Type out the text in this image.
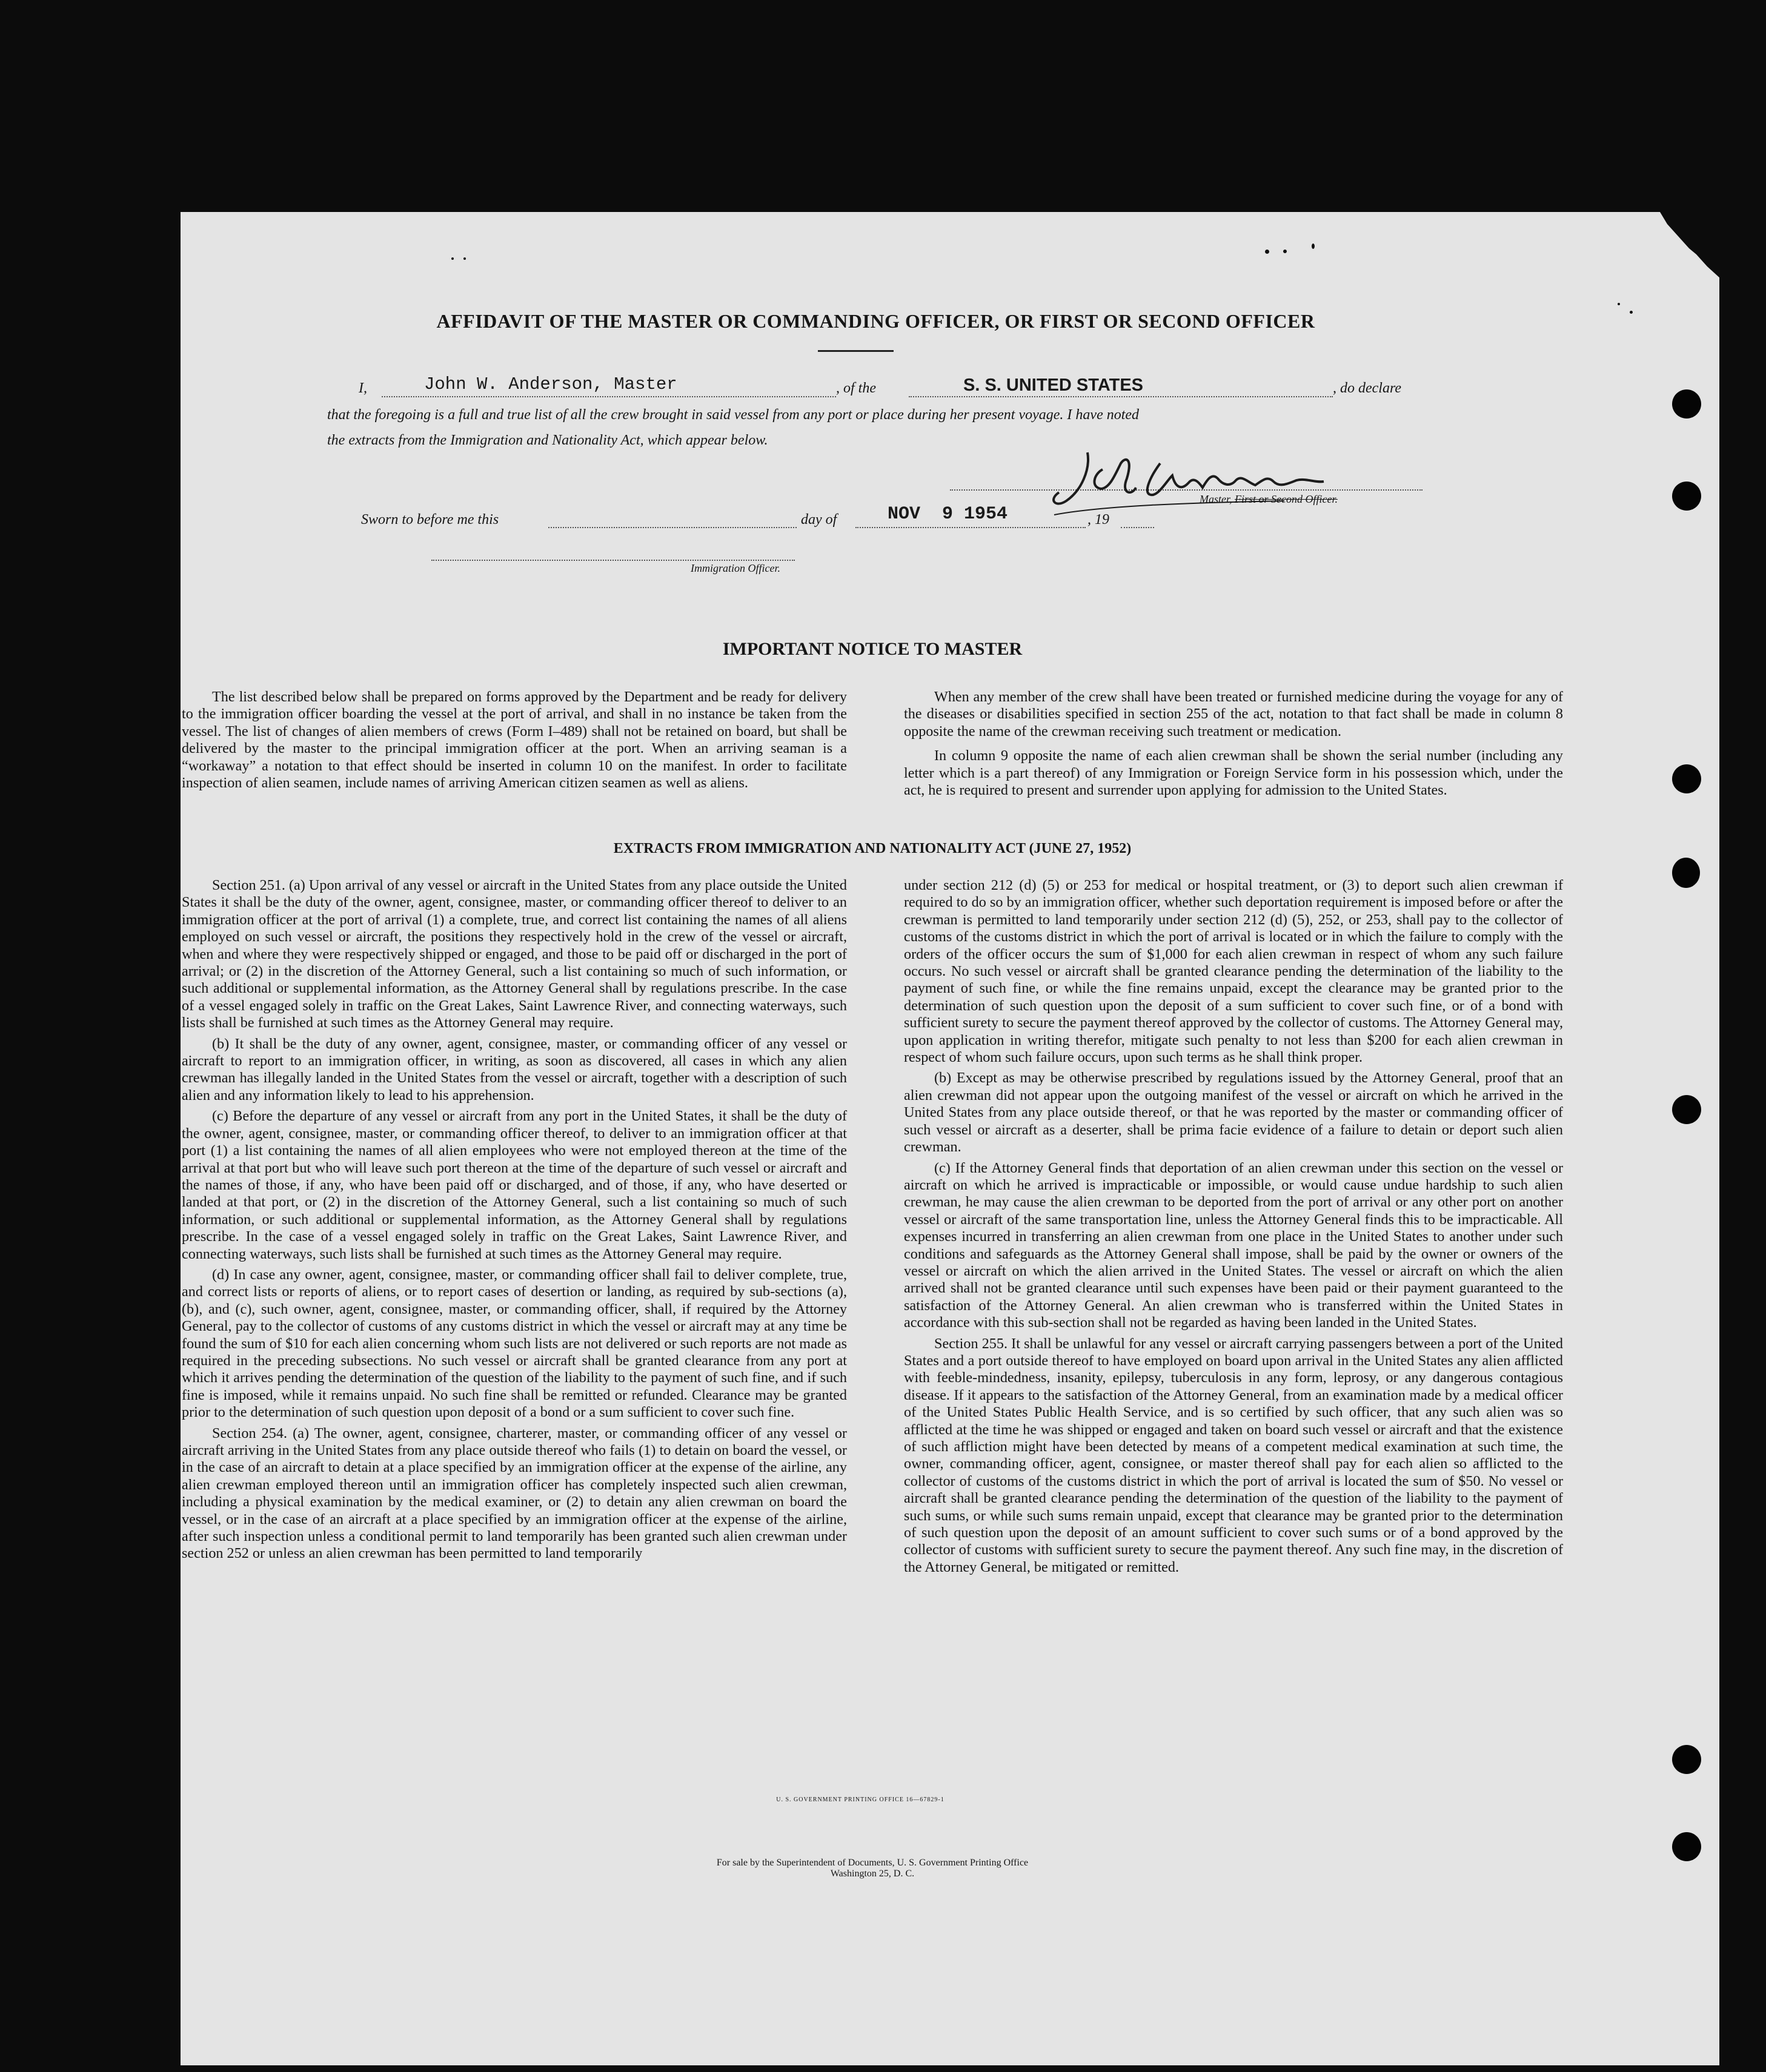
AFFIDAVIT OF THE MASTER OR COMMANDING OFFICER, OR FIRST OR SECOND OFFICER
I,	John W. Anderson, Master	, of the	S. S. UNITED STATES	, do declare
that the foregoing is a full and true list of all the crew brought in said vessel from any port or place during her present voyage. I have noted
the extracts from the Immigration and Nationality Act, which appear below.
Master, First or Second Officer.
Sworn to before me this	day of	NOV  9 1954	, 19
Immigration Officer.
IMPORTANT NOTICE TO MASTER

The list described below shall be prepared on forms approved by the Department and be ready for delivery to the immigration officer boarding the vessel at the port of arrival, and shall in no instance be taken from the vessel. The list of changes of alien members of crews (Form I–489) shall not be retained on board, but shall be delivered by the master to the principal immigration officer at the port. When an arriving seaman is a “workaway” a notation to that effect should be inserted in column 10 on the manifest. In order to facilitate inspection of alien seamen, include names of arriving American citizen seamen as well as aliens.

When any member of the crew shall have been treated or furnished medicine during the voyage for any of the diseases or disabilities specified in section 255 of the act, notation to that fact shall be made in column 8 opposite the name of the crewman receiving such treatment or medication.

In column 9 opposite the name of each alien crewman shall be shown the serial number (including any letter which is a part thereof) of any Immigration or Foreign Service form in his possession which, under the act, he is required to present and surrender upon applying for admission to the United States.

EXTRACTS FROM IMMIGRATION AND NATIONALITY ACT (JUNE 27, 1952)

Section 251. (a) Upon arrival of any vessel or aircraft in the United States from any place outside the United States it shall be the duty of the owner, agent, consignee, master, or commanding officer thereof to deliver to an immigration officer at the port of arrival (1) a complete, true, and correct list containing the names of all aliens employed on such vessel or aircraft, the positions they respectively hold in the crew of the vessel or aircraft, when and where they were respectively shipped or engaged, and those to be paid off or discharged in the port of arrival; or (2) in the discretion of the Attorney General, such a list containing so much of such information, or such additional or supplemental information, as the Attorney General shall by regulations prescribe. In the case of a vessel engaged solely in traffic on the Great Lakes, Saint Lawrence River, and connecting waterways, such lists shall be furnished at such times as the Attorney General may require.

(b) It shall be the duty of any owner, agent, consignee, master, or commanding officer of any vessel or aircraft to report to an immigration officer, in writing, as soon as discovered, all cases in which any alien crewman has illegally landed in the United States from the vessel or aircraft, together with a description of such alien and any information likely to lead to his apprehension.

(c) Before the departure of any vessel or aircraft from any port in the United States, it shall be the duty of the owner, agent, consignee, master, or commanding officer thereof, to deliver to an immigration officer at that port (1) a list containing the names of all alien employees who were not employed thereon at the time of the arrival at that port but who will leave such port thereon at the time of the departure of such vessel or aircraft and the names of those, if any, who have been paid off or discharged, and of those, if any, who have deserted or landed at that port, or (2) in the discretion of the Attorney General, such a list containing so much of such information, or such additional or supplemental information, as the Attorney General shall by regulations prescribe. In the case of a vessel engaged solely in traffic on the Great Lakes, Saint Lawrence River, and connecting waterways, such lists shall be furnished at such times as the Attorney General may require.

(d) In case any owner, agent, consignee, master, or commanding officer shall fail to deliver complete, true, and correct lists or reports of aliens, or to report cases of desertion or landing, as required by sub-sections (a), (b), and (c), such owner, agent, consignee, master, or commanding officer, shall, if required by the Attorney General, pay to the collector of customs of any customs district in which the vessel or aircraft may at any time be found the sum of $10 for each alien concerning whom such lists are not delivered or such reports are not made as required in the preceding subsections. No such vessel or aircraft shall be granted clearance from any port at which it arrives pending the determination of the question of the liability to the payment of such fine, and if such fine is imposed, while it remains unpaid. No such fine shall be remitted or refunded. Clearance may be granted prior to the determination of such question upon deposit of a bond or a sum sufficient to cover such fine.

Section 254. (a) The owner, agent, consignee, charterer, master, or commanding officer of any vessel or aircraft arriving in the United States from any place outside thereof who fails (1) to detain on board the vessel, or in the case of an aircraft to detain at a place specified by an immigration officer at the expense of the airline, any alien crewman employed thereon until an immigration officer has completely inspected such alien crewman, including a physical examination by the medical examiner, or (2) to detain any alien crewman on board the vessel, or in the case of an aircraft at a place specified by an immigration officer at the expense of the airline, after such inspection unless a conditional permit to land temporarily has been granted such alien crewman under section 252 or unless an alien crewman has been permitted to land temporarily

under section 212 (d) (5) or 253 for medical or hospital treatment, or (3) to deport such alien crewman if required to do so by an immigration officer, whether such deportation requirement is imposed before or after the crewman is permitted to land temporarily under section 212 (d) (5), 252, or 253, shall pay to the collector of customs of the customs district in which the port of arrival is located or in which the failure to comply with the orders of the officer occurs the sum of $1,000 for each alien crewman in respect of whom any such failure occurs. No such vessel or aircraft shall be granted clearance pending the determination of the liability to the payment of such fine, or while the fine remains unpaid, except the clearance may be granted prior to the determination of such question upon the deposit of a sum sufficient to cover such fine, or of a bond with sufficient surety to secure the payment thereof approved by the collector of customs. The Attorney General may, upon application in writing therefor, mitigate such penalty to not less than $200 for each alien crewman in respect of whom such failure occurs, upon such terms as he shall think proper.

(b) Except as may be otherwise prescribed by regulations issued by the Attorney General, proof that an alien crewman did not appear upon the outgoing manifest of the vessel or aircraft on which he arrived in the United States from any place outside thereof, or that he was reported by the master or commanding officer of such vessel or aircraft as a deserter, shall be prima facie evidence of a failure to detain or deport such alien crewman.

(c) If the Attorney General finds that deportation of an alien crewman under this section on the vessel or aircraft on which he arrived is impracticable or impossible, or would cause undue hardship to such alien crewman, he may cause the alien crewman to be deported from the port of arrival or any other port on another vessel or aircraft of the same transportation line, unless the Attorney General finds this to be impracticable. All expenses incurred in transferring an alien crewman from one place in the United States to another under such conditions and safeguards as the Attorney General shall impose, shall be paid by the owner or owners of the vessel or aircraft on which the alien arrived in the United States. The vessel or aircraft on which the alien arrived shall not be granted clearance until such expenses have been paid or their payment guaranteed to the satisfaction of the Attorney General. An alien crewman who is transferred within the United States in accordance with this sub-section shall not be regarded as having been landed in the United States.

Section 255. It shall be unlawful for any vessel or aircraft carrying passengers between a port of the United States and a port outside thereof to have employed on board upon arrival in the United States any alien afflicted with feeble-mindedness, insanity, epilepsy, tuberculosis in any form, leprosy, or any dangerous contagious disease. If it appears to the satisfaction of the Attorney General, from an examination made by a medical officer of the United States Public Health Service, and is so certified by such officer, that any such alien was so afflicted at the time he was shipped or engaged and taken on board such vessel or aircraft and that the existence of such affliction might have been detected by means of a competent medical examination at such time, the owner, commanding officer, agent, consignee, or master thereof shall pay for each alien so afflicted to the collector of customs of the customs district in which the port of arrival is located the sum of $50. No vessel or aircraft shall be granted clearance pending the determination of the question of the liability to the payment of such sums, or while such sums remain unpaid, except that clearance may be granted prior to the determination of such question upon the deposit of an amount sufficient to cover such sums or of a bond approved by the collector of customs with sufficient surety to secure the payment thereof. Any such fine may, in the discretion of the Attorney General, be mitigated or remitted.

U. S. GOVERNMENT PRINTING OFFICE 16—67829-1
For sale by the Superintendent of Documents, U. S. Government Printing Office
Washington 25, D. C.
